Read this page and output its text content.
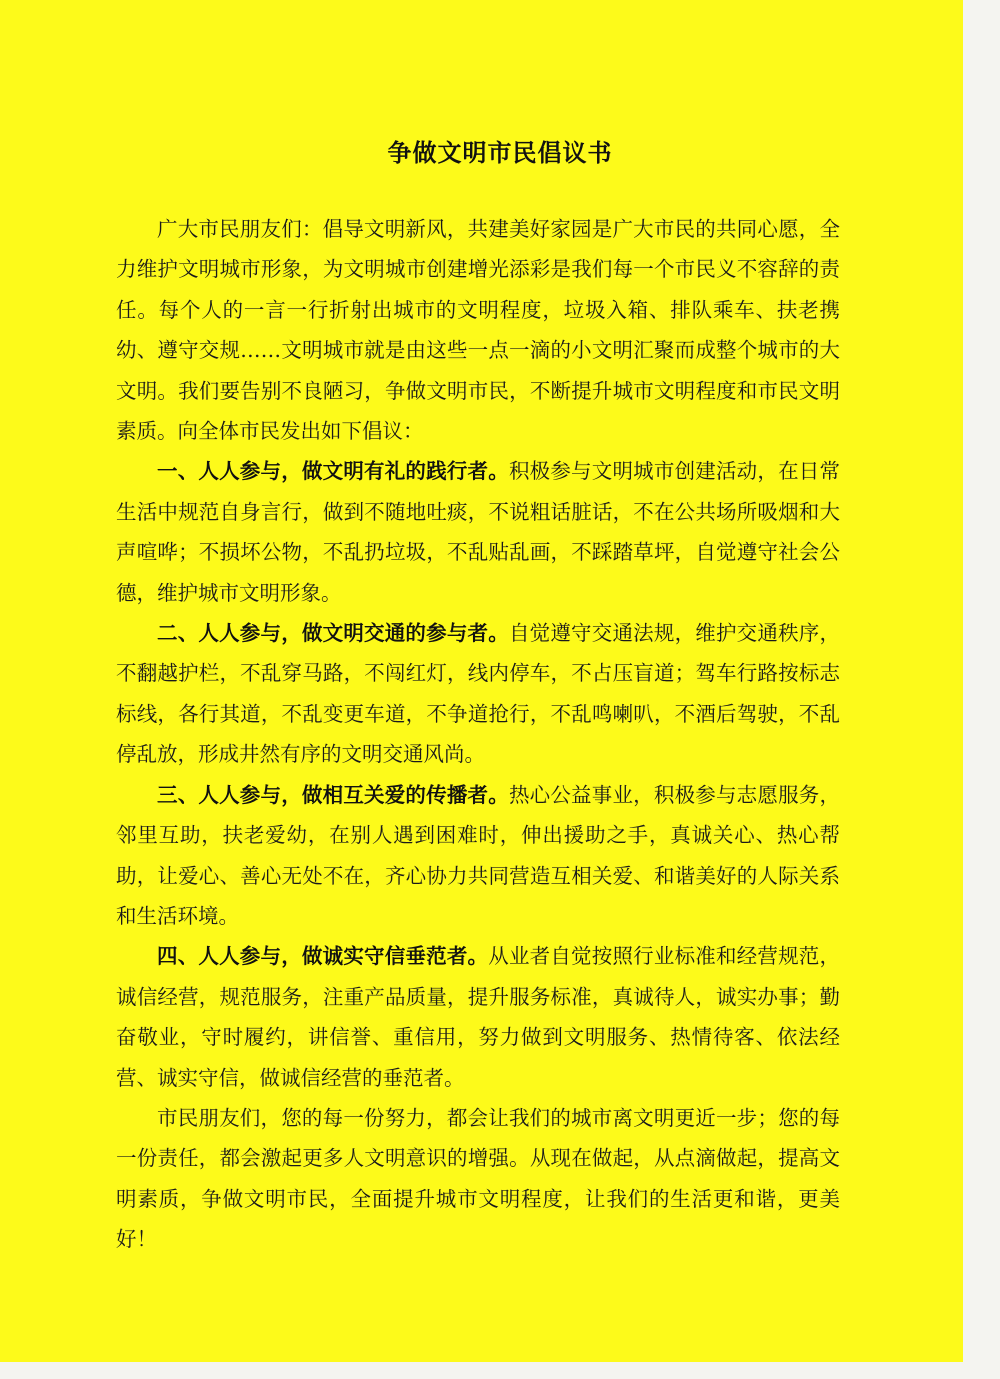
争做文明市民倡议书

广大市民朋友们：倡导文明新风，共建美好家园是广大市民的共同心愿，全力维护文明城市形象，为文明城市创建增光添彩是我们每一个市民义不容辞的责任。每个人的一言一行折射出城市的文明程度，垃圾入箱、排队乘车、扶老携幼、遵守交规……文明城市就是由这些一点一滴的小文明汇聚而成整个城市的大文明。我们要告别不良陋习，争做文明市民，不断提升城市文明程度和市民文明素质。向全体市民发出如下倡议：

一、人人参与，做文明有礼的践行者。积极参与文明城市创建活动，在日常生活中规范自身言行，做到不随地吐痰，不说粗话脏话，不在公共场所吸烟和大声喧哗；不损坏公物，不乱扔垃圾，不乱贴乱画，不踩踏草坪，自觉遵守社会公德，维护城市文明形象。

二、人人参与，做文明交通的参与者。自觉遵守交通法规，维护交通秩序，不翻越护栏，不乱穿马路，不闯红灯，线内停车，不占压盲道；驾车行路按标志标线，各行其道，不乱变更车道，不争道抢行，不乱鸣喇叭，不酒后驾驶，不乱停乱放，形成井然有序的文明交通风尚。

三、人人参与，做相互关爱的传播者。热心公益事业，积极参与志愿服务，邻里互助，扶老爱幼，在别人遇到困难时，伸出援助之手，真诚关心、热心帮助，让爱心、善心无处不在，齐心协力共同营造互相关爱、和谐美好的人际关系和生活环境。

四、人人参与，做诚实守信垂范者。从业者自觉按照行业标准和经营规范，诚信经营，规范服务，注重产品质量，提升服务标准，真诚待人，诚实办事；勤奋敬业，守时履约，讲信誉、重信用，努力做到文明服务、热情待客、依法经营、诚实守信，做诚信经营的垂范者。

市民朋友们，您的每一份努力，都会让我们的城市离文明更近一步；您的每一份责任，都会激起更多人文明意识的增强。从现在做起，从点滴做起，提高文明素质，争做文明市民，全面提升城市文明程度，让我们的生活更和谐，更美好！
